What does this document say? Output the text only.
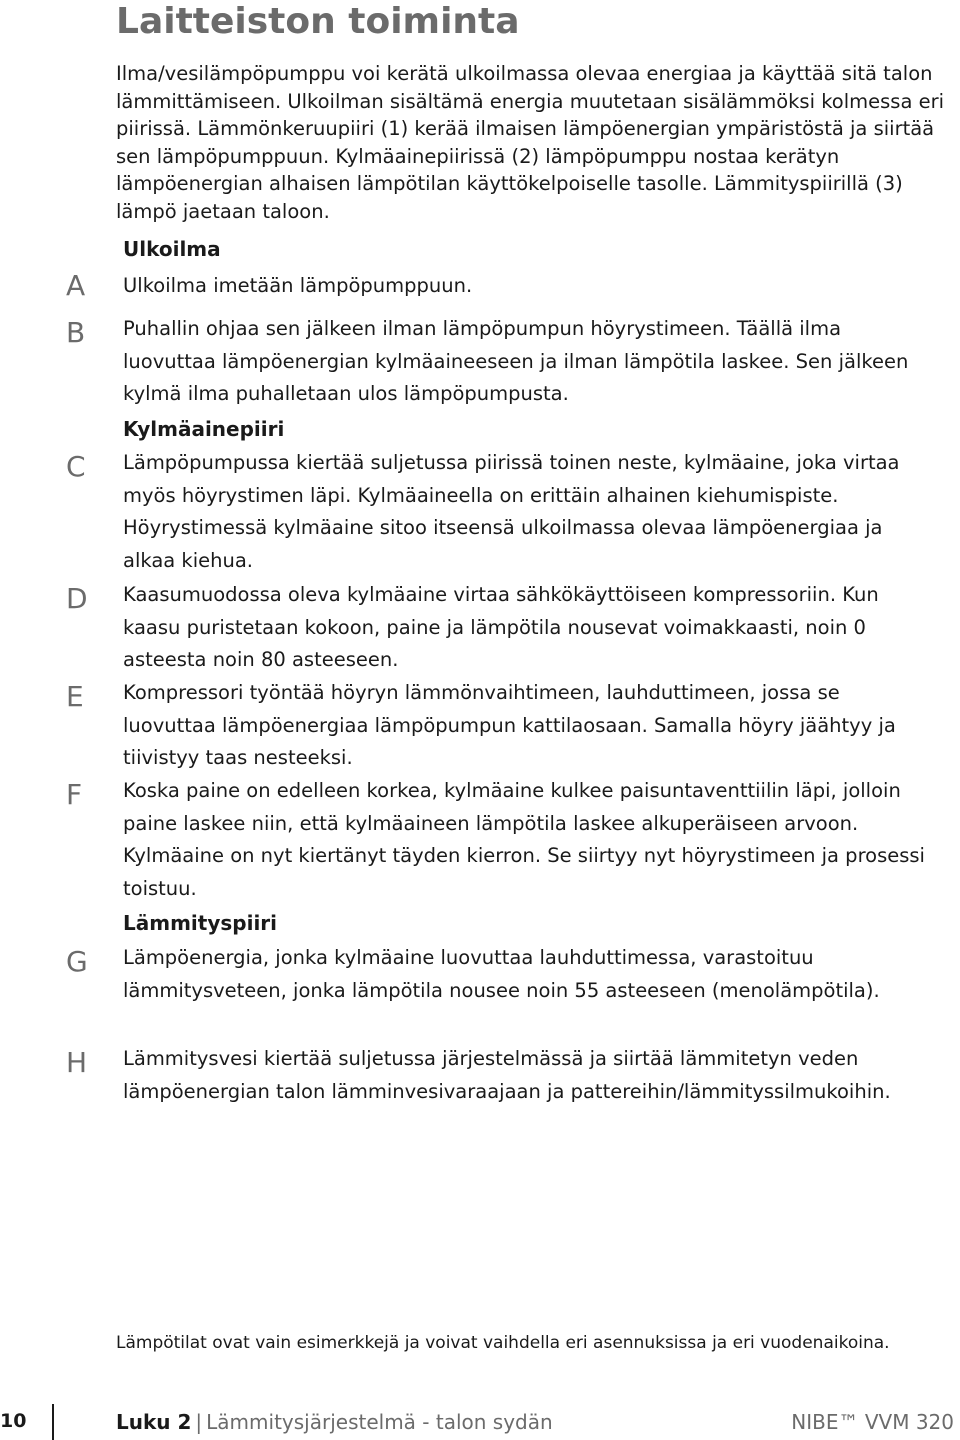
Laitteiston toiminta

Ilma/vesilämpöpumppu voi kerätä ulkoilmassa olevaa energiaa ja käyttää sitä talon lämmittämiseen. Ulkoilman sisältämä energia muutetaan sisälämmöksi kolmessa eri piirissä. Lämmönkeruupiiri (1) kerää ilmaisen lämpöenergian ympäristöstä ja siirtää sen lämpöpumppuun. Kylmäainepiirissä (2) lämpöpumppu nostaa kerätyn lämpöenergian alhaisen lämpötilan käyttökelpoiselle tasolle. Lämmityspiirillä (3) lämpö jaetaan taloon.

Ulkoilma
A Ulkoilma imetään lämpöpumppuun.

B Puhallin ohjaa sen jälkeen ilman lämpöpumpun höyrystimeen. Täällä ilma luovuttaa lämpöenergian kylmäaineeseen ja ilman lämpötila laskee. Sen jälkeen kylmä ilma puhalletaan ulos lämpöpumpusta.

Kylmäainepiiri
C Lämpöpumpussa kiertää suljetussa piirissä toinen neste, kylmäaine, joka virtaa myös höyrystimen läpi. Kylmäaineella on erittäin alhainen kiehumispiste. Höyrystimessä kylmäaine sitoo itseensä ulkoilmassa olevaa lämpöenergiaa ja alkaa kiehua.

D Kaasumuodossa oleva kylmäaine virtaa sähkökäyttöiseen kompressoriin. Kun kaasu puristetaan kokoon, paine ja lämpötila nousevat voimakkaasti, noin 0 asteesta noin 80 asteeseen.

E Kompressori työntää höyryn lämmönvaihtimeen, lauhduttimeen, jossa se luovuttaa lämpöenergiaa lämpöpumpun kattilaosaan. Samalla höyry jäähtyy ja tiivistyy taas nesteeksi.

F Koska paine on edelleen korkea, kylmäaine kulkee paisuntaventtiilin läpi, jolloin paine laskee niin, että kylmäaineen lämpötila laskee alkuperäiseen arvoon. Kylmäaine on nyt kiertänyt täyden kierron. Se siirtyy nyt höyrystimeen ja prosessi toistuu.

Lämmityspiiri
G Lämpöenergia, jonka kylmäaine luovuttaa lauhduttimessa, varastoituu lämmitysveteen, jonka lämpötila nousee noin 55 asteeseen (menolämpötila).

H Lämmitysvesi kiertää suljetussa järjestelmässä ja siirtää lämmitetyn veden lämpöenergian talon lämminvesivaraajaan ja pattereihin/lämmityssilmukoihin.

Lämpötilat ovat vain esimerkkejä ja voivat vaihdella eri asennuksissa ja eri vuodenaikoina.
10	Luku 2 | Lämmitysjärjestelmä - talon sydän	NIBE™ VVM 320
